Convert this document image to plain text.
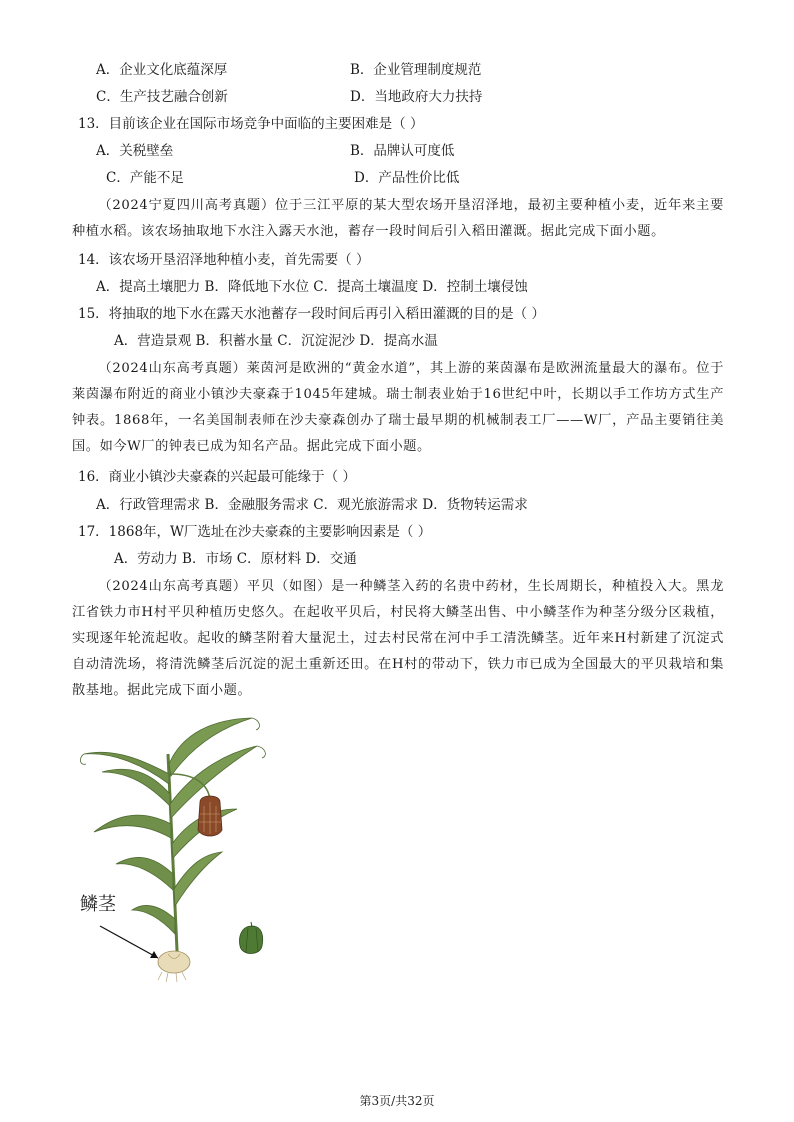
A．企业文化底蕴深厚	B．企业管理制度规范
C．生产技艺融合创新	D．当地政府大力扶持
13．目前该企业在国际市场竞争中面临的主要困难是（ ）
A．关税壁垒	B．品牌认可度低
C．产能不足	D．产品性价比低
（2024宁夏四川高考真题）位于三江平原的某大型农场开垦沼泽地，最初主要种植小麦，近年来主要种植水稻。该农场抽取地下水注入露天水池，蓄存一段时间后引入稻田灌溉。据此完成下面小题。
14．该农场开垦沼泽地种植小麦，首先需要（ ）
A．提高土壤肥力 B．降低地下水位 C．提高土壤温度 D．控制土壤侵蚀
15．将抽取的地下水在露天水池蓄存一段时间后再引入稻田灌溉的目的是（ ）
A．营造景观 B．积蓄水量 C．沉淀泥沙 D．提高水温
（2024山东高考真题）莱茵河是欧洲的“黄金水道”，其上游的莱茵瀑布是欧洲流量最大的瀑布。位于莱茵瀑布附近的商业小镇沙夫豪森于1045年建城。瑞士制表业始于16世纪中叶，长期以手工作坊方式生产钟表。1868年，一名美国制表师在沙夫豪森创办了瑞士最早期的机械制表工厂——W厂，产品主要销往美国。如今W厂的钟表已成为知名产品。据此完成下面小题。
16．商业小镇沙夫豪森的兴起最可能缘于（ ）
A．行政管理需求 B．金融服务需求 C．观光旅游需求 D．货物转运需求
17．1868年，W厂选址在沙夫豪森的主要影响因素是（ ）
A．劳动力 B．市场 C．原材料 D．交通
（2024山东高考真题）平贝（如图）是一种鳞茎入药的名贵中药材，生长周期长，种植投入大。黑龙江省铁力市H村平贝种植历史悠久。在起收平贝后，村民将大鳞茎出售、中小鳞茎作为种茎分级分区栽植，实现逐年轮流起收。起收的鳞茎附着大量泥土，过去村民常在河中手工清洗鳞茎。近年来H村新建了沉淀式自动清洗场，将清洗鳞茎后沉淀的泥土重新还田。在H村的带动下，铁力市已成为全国最大的平贝栽培和集散基地。据此完成下面小题。
鳞茎
第3页/共32页
